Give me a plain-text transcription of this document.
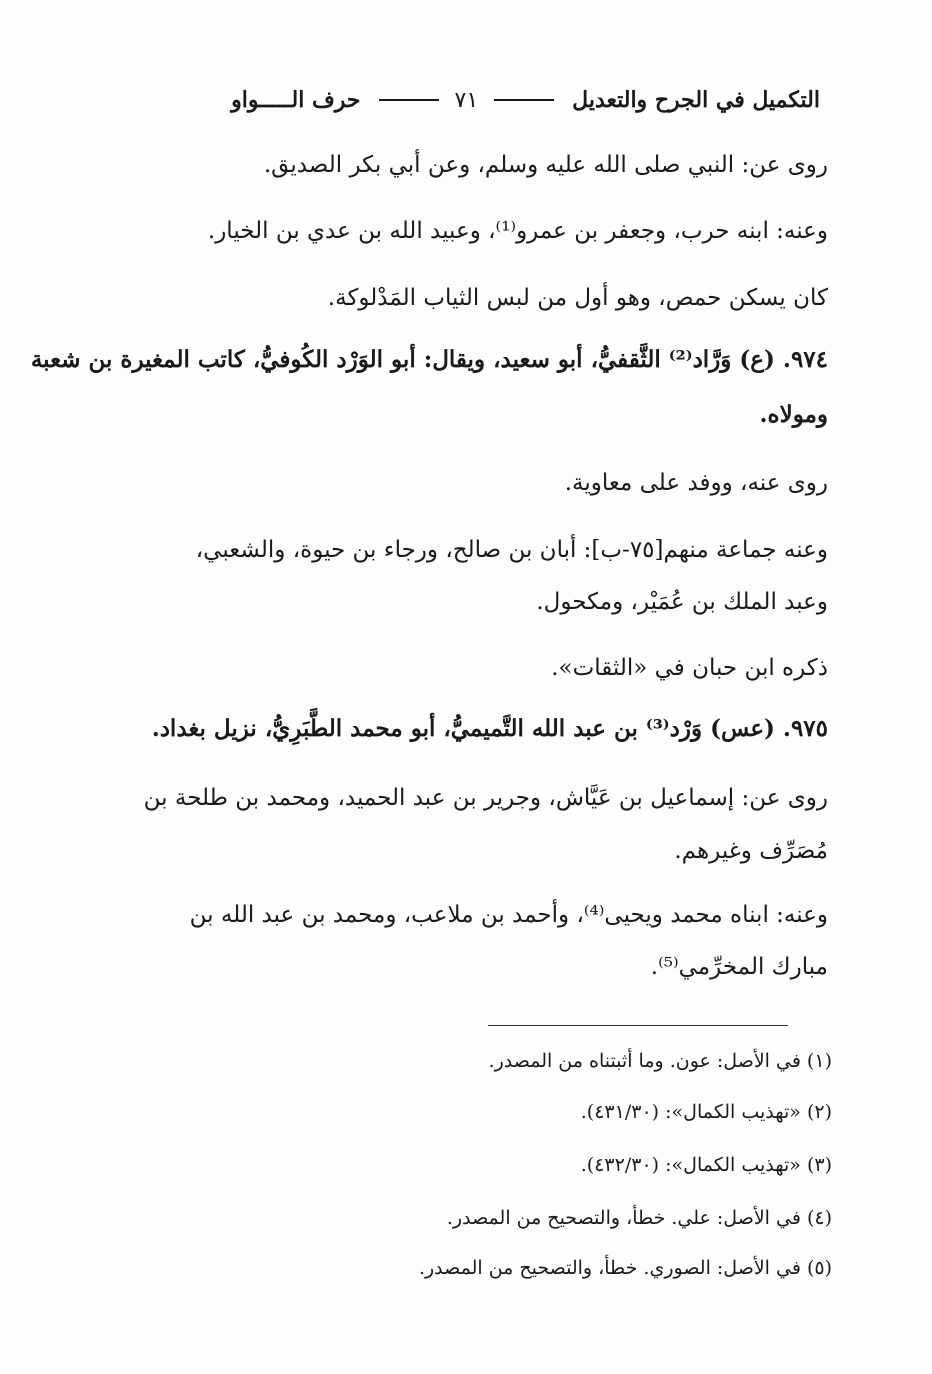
التكميل في الجرح والتعديل
٧١
حرف الـــــواو
روى عن: النبي صلى الله عليه وسلم، وعن أبي بكر الصديق.
وعنه: ابنه حرب، وجعفر بن عمرو⁽¹⁾، وعبيد الله بن عدي بن الخيار.
كان يسكن حمص، وهو أول من لبس الثياب المَدْلوكة.
٩٧٤. (ع) وَرَّاد⁽²⁾ الثَّقفيُّ، أبو سعيد، ويقال: أبو الوَرْد الكُوفيُّ، كاتب المغيرة بن شعبة
ومولاه.
روى عنه، ووفد على معاوية.
وعنه جماعة منهم[٧٥-ب]: أبان بن صالح، ورجاء بن حيوة، والشعبي،
وعبد الملك بن عُمَيْر، ومكحول.
ذكره ابن حبان في «الثقات».
٩٧٥. (عس) وَرْد⁽³⁾ بن عبد الله التَّميميُّ، أبو محمد الطَّبَرِيُّ، نزيل بغداد.
روى عن: إسماعيل بن عَيَّاش، وجرير بن عبد الحميد، ومحمد بن طلحة بن
مُصَرِّف وغيرهم.
وعنه: ابناه محمد ويحيى⁽⁴⁾، وأحمد بن ملاعب، ومحمد بن عبد الله بن
مبارك المخرِّمي⁽⁵⁾.
(١) في الأصل: عون. وما أثبتناه من المصدر.
(٢) «تهذيب الكمال»: (٤٣١/٣٠).
(٣) «تهذيب الكمال»: (٤٣٢/٣٠).
(٤) في الأصل: علي. خطأ، والتصحيح من المصدر.
(٥) في الأصل: الصوري. خطأ، والتصحيح من المصدر.
